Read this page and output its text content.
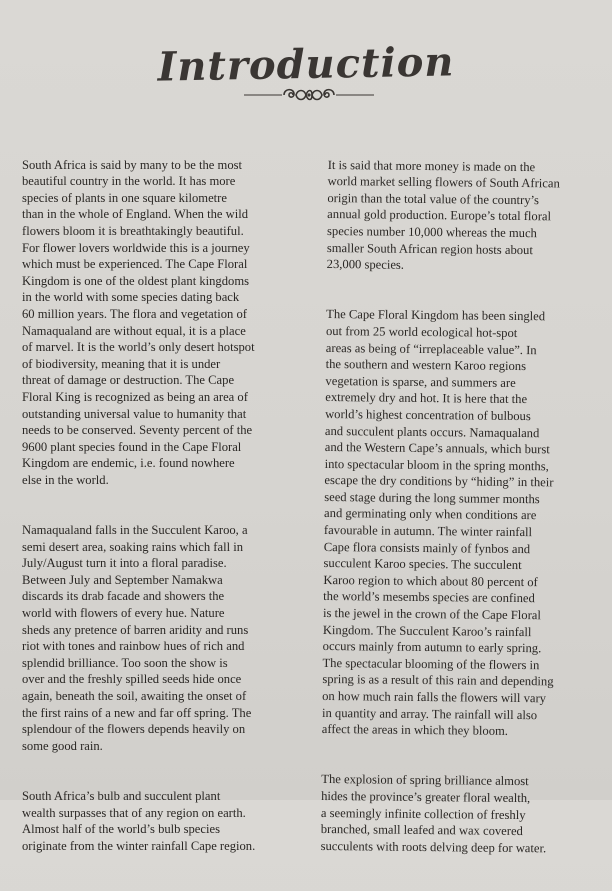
Introduction

South Africa is said by many to be the most
beautiful country in the world. It has more
species of plants in one square kilometre
than in the whole of England. When the wild
flowers bloom it is breathtakingly beautiful.
For flower lovers worldwide this is a journey
which must be experienced. The Cape Floral
Kingdom is one of the oldest plant kingdoms
in the world with some species dating back
60 million years. The flora and vegetation of
Namaqualand are without equal, it is a place
of marvel. It is the world’s only desert hotspot
of biodiversity, meaning that it is under
threat of damage or destruction. The Cape
Floral King is recognized as being an area of
outstanding universal value to humanity that
needs to be conserved. Seventy percent of the
9600 plant species found in the Cape Floral
Kingdom are endemic, i.e. found nowhere
else in the world.

Namaqualand falls in the Succulent Karoo, a
semi desert area, soaking rains which fall in
July/August turn it into a floral paradise.
Between July and September Namakwa
discards its drab facade and showers the
world with flowers of every hue. Nature
sheds any pretence of barren aridity and runs
riot with tones and rainbow hues of rich and
splendid brilliance. Too soon the show is
over and the freshly spilled seeds hide once
again, beneath the soil, awaiting the onset of
the first rains of a new and far off spring. The
splendour of the flowers depends heavily on
some good rain.

South Africa’s bulb and succulent plant
wealth surpasses that of any region on earth.
Almost half of the world’s bulb species
originate from the winter rainfall Cape region.

It is said that more money is made on the
world market selling flowers of South African
origin than the total value of the country’s
annual gold production. Europe’s total floral
species number 10,000 whereas the much
smaller South African region hosts about
23,000 species.

The Cape Floral Kingdom has been singled
out from 25 world ecological hot-spot
areas as being of “irreplaceable value”. In
the southern and western Karoo regions
vegetation is sparse, and summers are
extremely dry and hot. It is here that the
world’s highest concentration of bulbous
and succulent plants occurs. Namaqualand
and the Western Cape’s annuals, which burst
into spectacular bloom in the spring months,
escape the dry conditions by “hiding” in their
seed stage during the long summer months
and germinating only when conditions are
favourable in autumn. The winter rainfall
Cape flora consists mainly of fynbos and
succulent Karoo species. The succulent
Karoo region to which about 80 percent of
the world’s mesembs species are confined
is the jewel in the crown of the Cape Floral
Kingdom. The Succulent Karoo’s rainfall
occurs mainly from autumn to early spring.
The spectacular blooming of the flowers in
spring is as a result of this rain and depending
on how much rain falls the flowers will vary
in quantity and array. The rainfall will also
affect the areas in which they bloom.

The explosion of spring brilliance almost
hides the province’s greater floral wealth,
a seemingly infinite collection of freshly
branched, small leafed and wax covered
succulents with roots delving deep for water.
